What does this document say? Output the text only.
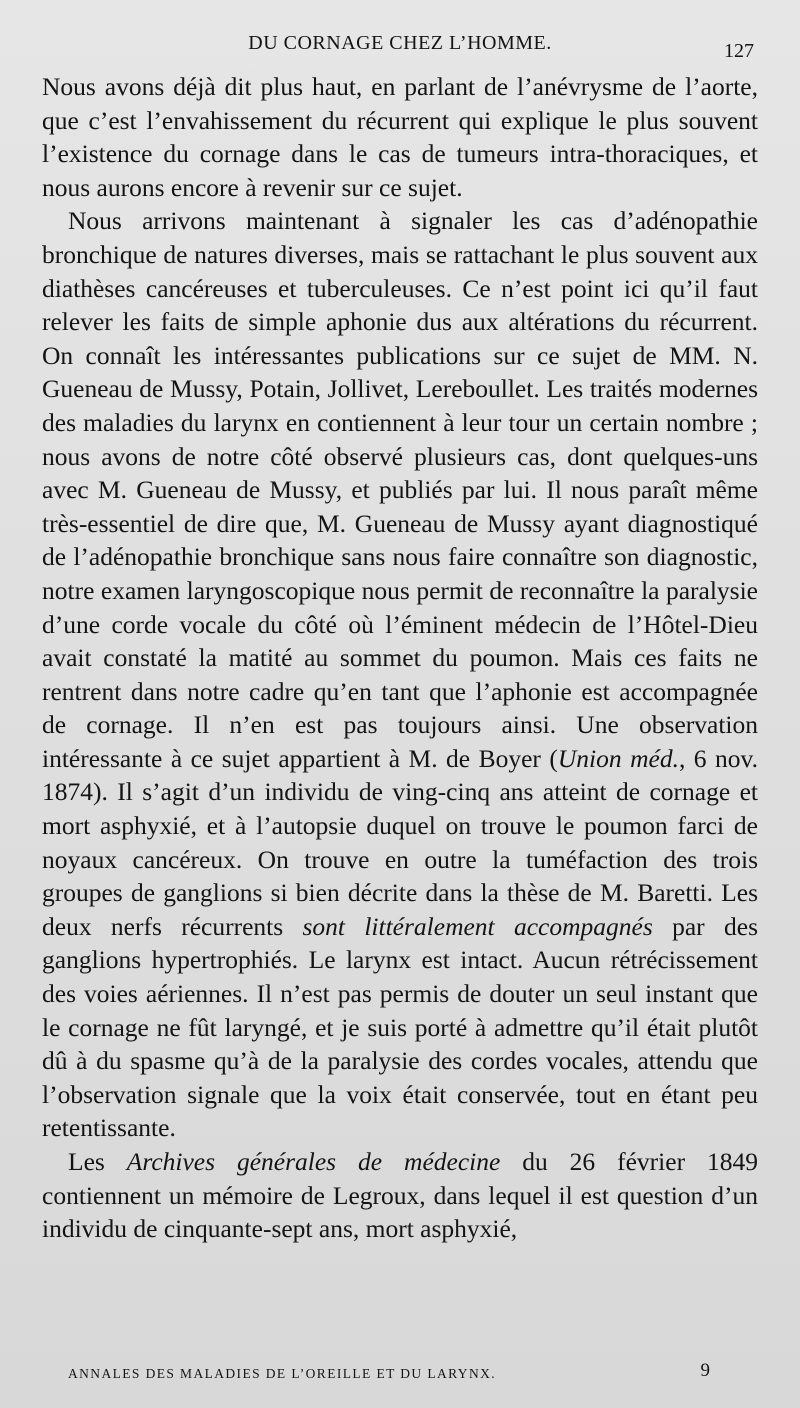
DU CORNAGE CHEZ L’HOMME.	127

Nous avons déjà dit plus haut, en parlant de l’anévrysme de l’aorte, que c’est l’envahissement du récurrent qui explique le plus souvent l’existence du cornage dans le cas de tumeurs intra-thoraciques, et nous aurons encore à revenir sur ce sujet.

Nous arrivons maintenant à signaler les cas d’adénopathie bronchique de natures diverses, mais se rattachant le plus souvent aux diathèses cancéreuses et tuberculeuses. Ce n’est point ici qu’il faut relever les faits de simple aphonie dus aux altérations du récurrent. On connaît les intéressantes publications sur ce sujet de MM. N. Gueneau de Mussy, Potain, Jollivet, Lereboullet. Les traités modernes des maladies du larynx en contiennent à leur tour un certain nombre ; nous avons de notre côté observé plusieurs cas, dont quelques-uns avec M. Gueneau de Mussy, et publiés par lui. Il nous paraît même très-essentiel de dire que, M. Gueneau de Mussy ayant diagnostiqué de l’adénopathie bronchique sans nous faire connaître son diagnostic, notre examen laryngoscopique nous permit de reconnaître la paralysie d’une corde vocale du côté où l’éminent médecin de l’Hôtel-Dieu avait constaté la matité au sommet du poumon. Mais ces faits ne rentrent dans notre cadre qu’en tant que l’aphonie est accompagnée de cornage. Il n’en est pas toujours ainsi. Une observation intéressante à ce sujet appartient à M. de Boyer (Union méd., 6 nov. 1874). Il s’agit d’un individu de ving-cinq ans atteint de cornage et mort asphyxié, et à l’autopsie duquel on trouve le poumon farci de noyaux cancéreux. On trouve en outre la tuméfaction des trois groupes de ganglions si bien décrite dans la thèse de M. Baretti. Les deux nerfs récurrents sont littéralement accompagnés par des ganglions hypertrophiés. Le larynx est intact. Aucun rétrécissement des voies aériennes. Il n’est pas permis de douter un seul instant que le cornage ne fût laryngé, et je suis porté à admettre qu’il était plutôt dû à du spasme qu’à de la paralysie des cordes vocales, attendu que l’observation signale que la voix était conservée, tout en étant peu retentissante.

Les Archives générales de médecine du 26 février 1849 contiennent un mémoire de Legroux, dans lequel il est question d’un individu de cinquante-sept ans, mort asphyxié,

ANNALES DES MALADIES DE L’OREILLE ET DU LARYNX.	9
